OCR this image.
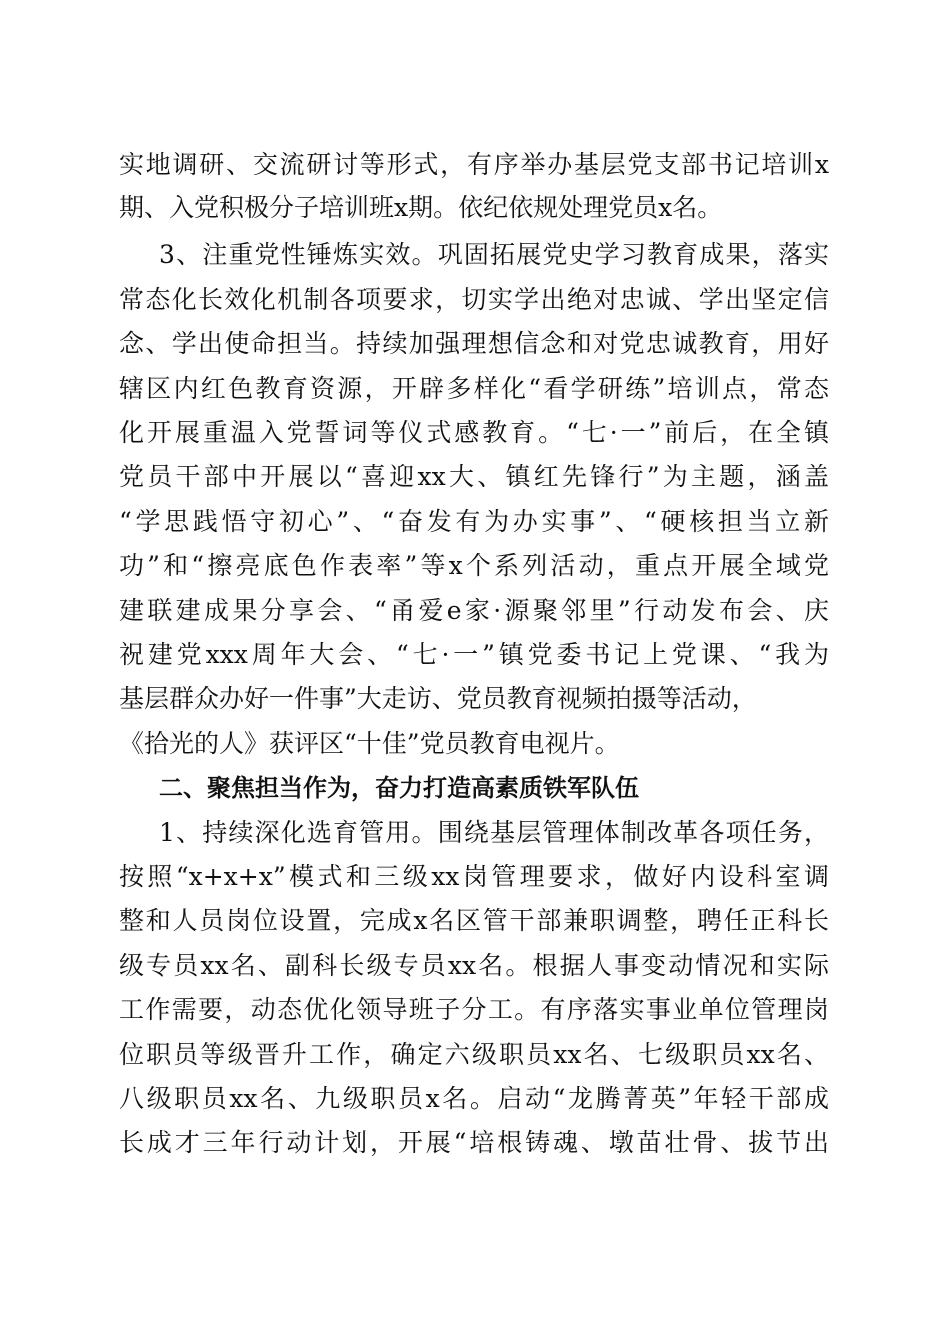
实地调研、交流研讨等形式，有序举办基层党支部书记培训x
期、入党积极分子培训班x期。依纪依规处理党员x名。
3、注重党性锤炼实效。巩固拓展党史学习教育成果，落实
常态化长效化机制各项要求，切实学出绝对忠诚、学出坚定信
念、学出使命担当。持续加强理想信念和对党忠诚教育，用好
辖区内红色教育资源，开辟多样化“看学研练”培训点，常态
化开展重温入党誓词等仪式感教育。“七·一”前后，在全镇
党员干部中开展以“喜迎xx大、镇红先锋行”为主题，涵盖
“学思践悟守初心”、“奋发有为办实事”、“硬核担当立新
功”和“擦亮底色作表率”等x个系列活动，重点开展全域党
建联建成果分享会、“甬爱e家·源聚邻里”行动发布会、庆
祝建党xxx周年大会、“七·一”镇党委书记上党课、“我为
基层群众办好一件事”大走访、党员教育视频拍摄等活动，
《拾光的人》获评区“十佳”党员教育电视片。
二、聚焦担当作为，奋力打造高素质铁军队伍
1、持续深化选育管用。围绕基层管理体制改革各项任务，
按照“x+x+x”模式和三级xx岗管理要求，做好内设科室调
整和人员岗位设置，完成x名区管干部兼职调整，聘任正科长
级专员xx名、副科长级专员xx名。根据人事变动情况和实际
工作需要，动态优化领导班子分工。有序落实事业单位管理岗
位职员等级晋升工作，确定六级职员xx名、七级职员xx名、
八级职员xx名、九级职员x名。启动“龙腾菁英”年轻干部成
长成才三年行动计划，开展“培根铸魂、墩苗壮骨、拔节出
